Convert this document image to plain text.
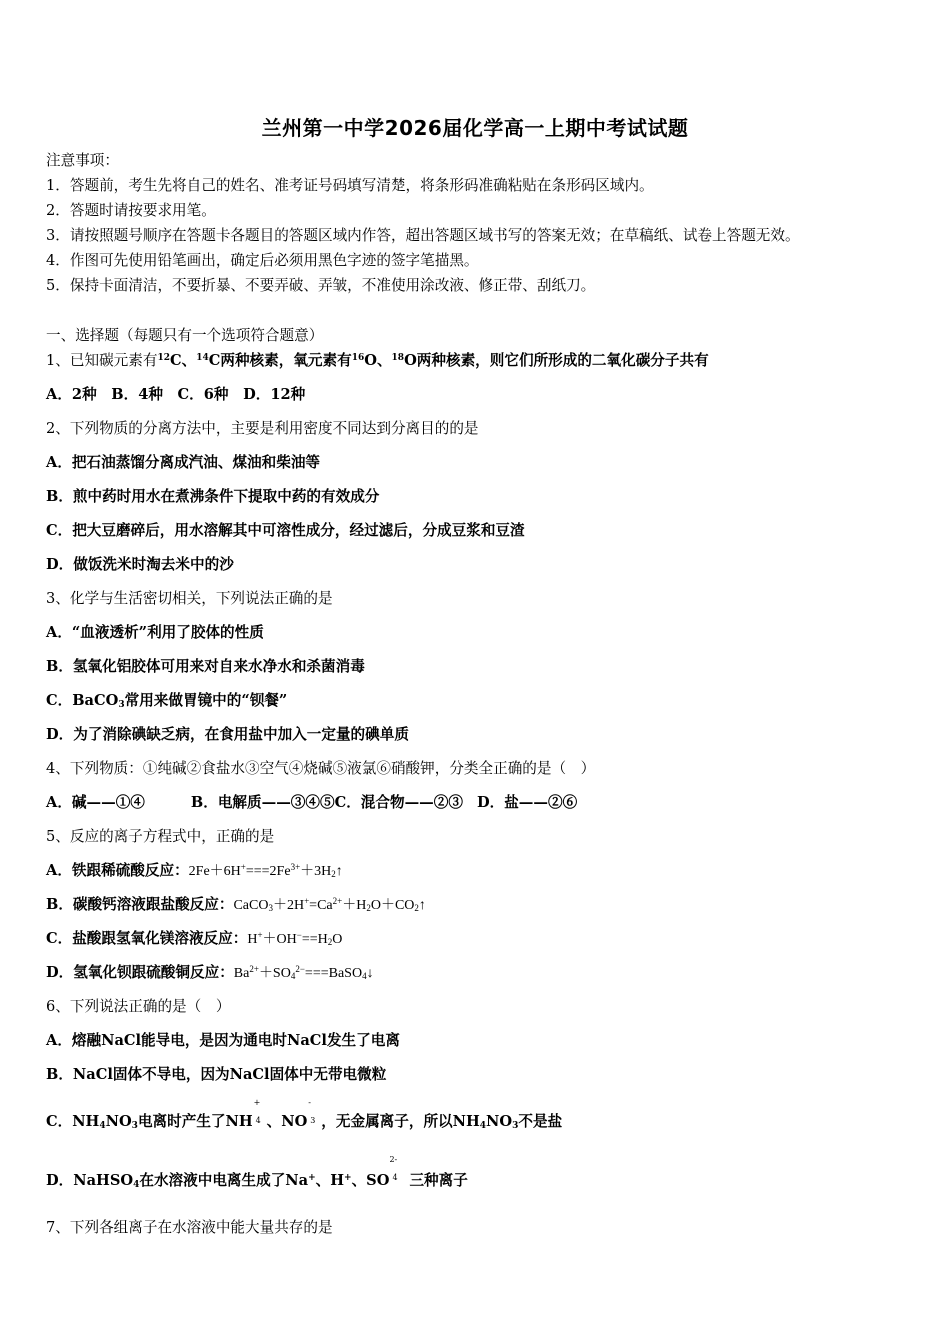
兰州第一中学2026届化学高一上期中考试试题
注意事项：
1．答题前，考生先将自己的姓名、准考证号码填写清楚，将条形码准确粘贴在条形码区域内。
2．答题时请按要求用笔。
3．请按照题号顺序在答题卡各题目的答题区域内作答，超出答题区域书写的答案无效；在草稿纸、试卷上答题无效。
4．作图可先使用铅笔画出，确定后必须用黑色字迹的签字笔描黑。
5．保持卡面清洁，不要折暴、不要弄破、弄皱，不准使用涂改液、修正带、刮纸刀。
一、选择题（每题只有一个选项符合题意）
1、已知碳元素有$^{12}$C、$^{14}$C两种核素，氧元素有$^{16}$O、$^{18}$O两种核素，则它们所形成的二氧化碳分子共有
A．2种　B．4种　C．6种　D．12种
2、下列物质的分离方法中，主要是利用密度不同达到分离目的的是
A．把石油蒸馏分离成汽油、煤油和柴油等
B．煎中药时用水在煮沸条件下提取中药的有效成分
C．把大豆磨碎后，用水溶解其中可溶性成分，经过滤后，分成豆浆和豆渣
D．做饭洗米时淘去米中的沙
3、化学与生活密切相关，下列说法正确的是
A．“血液透析”利用了胶体的性质
B．氢氧化铝胶体可用来对自来水净水和杀菌消毒
C．BaCO$_3$常用来做胃镜中的“钡餐”
D．为了消除碘缺乏病，在食用盐中加入一定量的碘单质
4、下列物质：①纯碱②食盐水③空气④烧碱⑤液氯⑥硝酸钾，分类全正确的是（　）
A．碱——①④	B．电解质——③④⑤C．混合物——②③ D．盐——②⑥
5、反应的离子方程式中，正确的是
A．铁跟稀硫酸反应：$2Fe+6H^+===2Fe^{3+}+3H_2↑$
B．碳酸钙溶液跟盐酸反应：$CaCO_3+2H^+=Ca^{2+}+H_2O+CO_2↑$
C．盐酸跟氢氧化镁溶液反应：$H^++OH^-==H_2O$
D．氢氧化钡跟硫酸铜反应：$Ba^{2+}+SO_4^{2-}===BaSO_4↓$
6、下列说法正确的是（　）
A．熔融NaCl能导电，是因为通电时NaCl发生了电离
B．NaCl固体不导电，因为NaCl固体中无带电微粒
C．$NH_4NO_3$电离时产生了NH
+
4 、NO
-
3 ，无金属离子，所以$NH_4NO_3$不是盐
D．NaHSO$_4$在水溶液中电离生成了Na+、H+、SO
2-
4 三种离子
7、下列各组离子在水溶液中能大量共存的是
